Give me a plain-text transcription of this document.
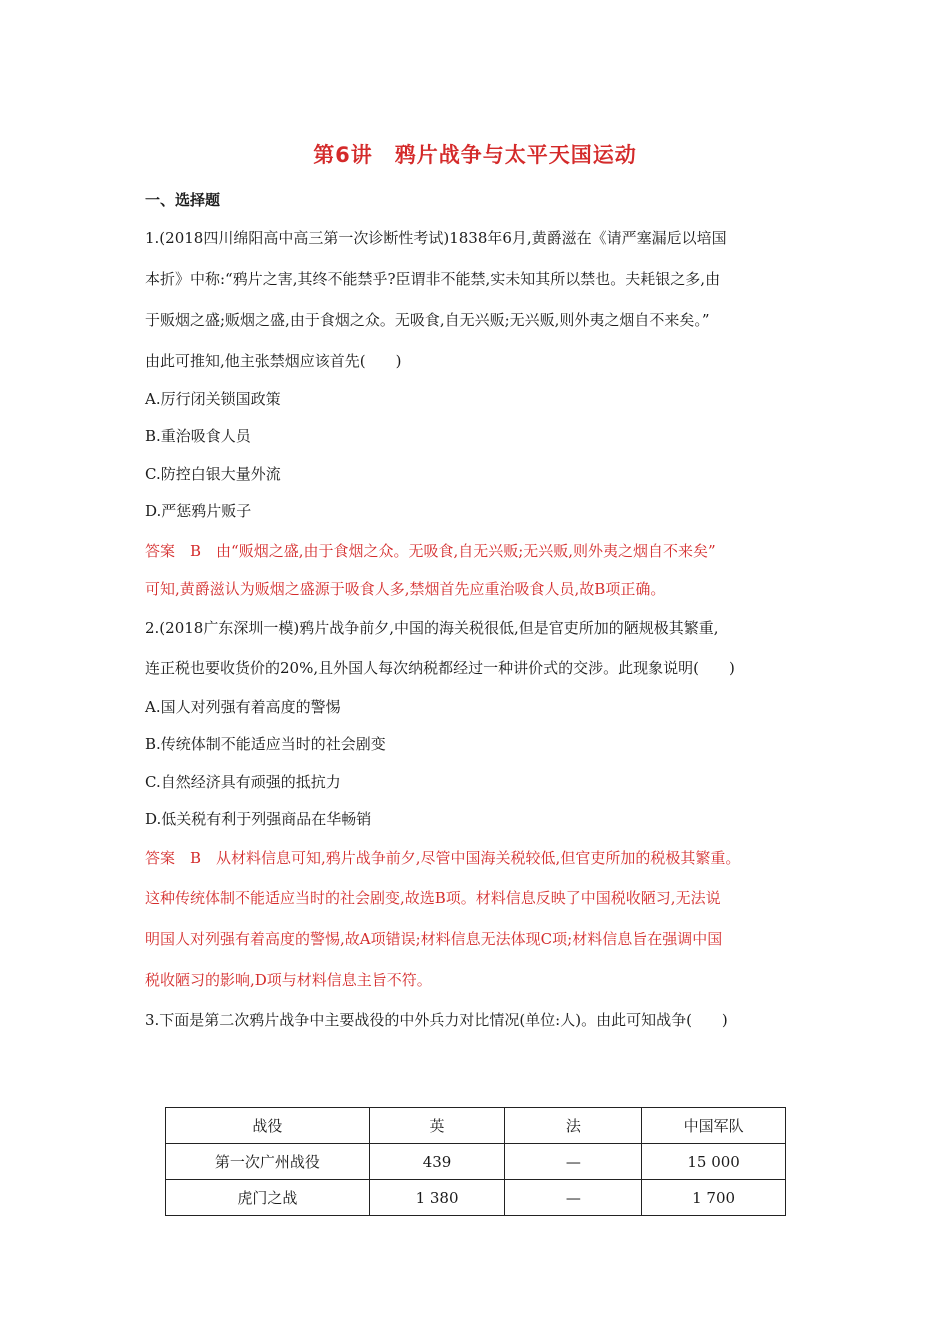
第6讲　鸦片战争与太平天国运动
一、选择题
1.(2018四川绵阳高中高三第一次诊断性考试)1838年6月,黄爵滋在《请严塞漏卮以培国
本折》中称:“鸦片之害,其终不能禁乎?臣谓非不能禁,实未知其所以禁也。夫耗银之多,由
于贩烟之盛;贩烟之盛,由于食烟之众。无吸食,自无兴贩;无兴贩,则外夷之烟自不来矣。”
由此可推知,他主张禁烟应该首先(　　)
A.厉行闭关锁国政策
B.重治吸食人员
C.防控白银大量外流
D.严惩鸦片贩子
答案　B　由“贩烟之盛,由于食烟之众。无吸食,自无兴贩;无兴贩,则外夷之烟自不来矣”
可知,黄爵滋认为贩烟之盛源于吸食人多,禁烟首先应重治吸食人员,故B项正确。
2.(2018广东深圳一模)鸦片战争前夕,中国的海关税很低,但是官吏所加的陋规极其繁重,
连正税也要收货价的20%,且外国人每次纳税都经过一种讲价式的交涉。此现象说明(　　)
A.国人对列强有着高度的警惕
B.传统体制不能适应当时的社会剧变
C.自然经济具有顽强的抵抗力
D.低关税有利于列强商品在华畅销
答案　B　从材料信息可知,鸦片战争前夕,尽管中国海关税较低,但官吏所加的税极其繁重。
这种传统体制不能适应当时的社会剧变,故选B项。材料信息反映了中国税收陋习,无法说
明国人对列强有着高度的警惕,故A项错误;材料信息无法体现C项;材料信息旨在强调中国
税收陋习的影响,D项与材料信息主旨不符。
3.下面是第二次鸦片战争中主要战役的中外兵力对比情况(单位:人)。由此可知战争(　　)
战役	英	法	中国军队
第一次广州战役	439	—	15 000
虎门之战	1 380	—	1 700
